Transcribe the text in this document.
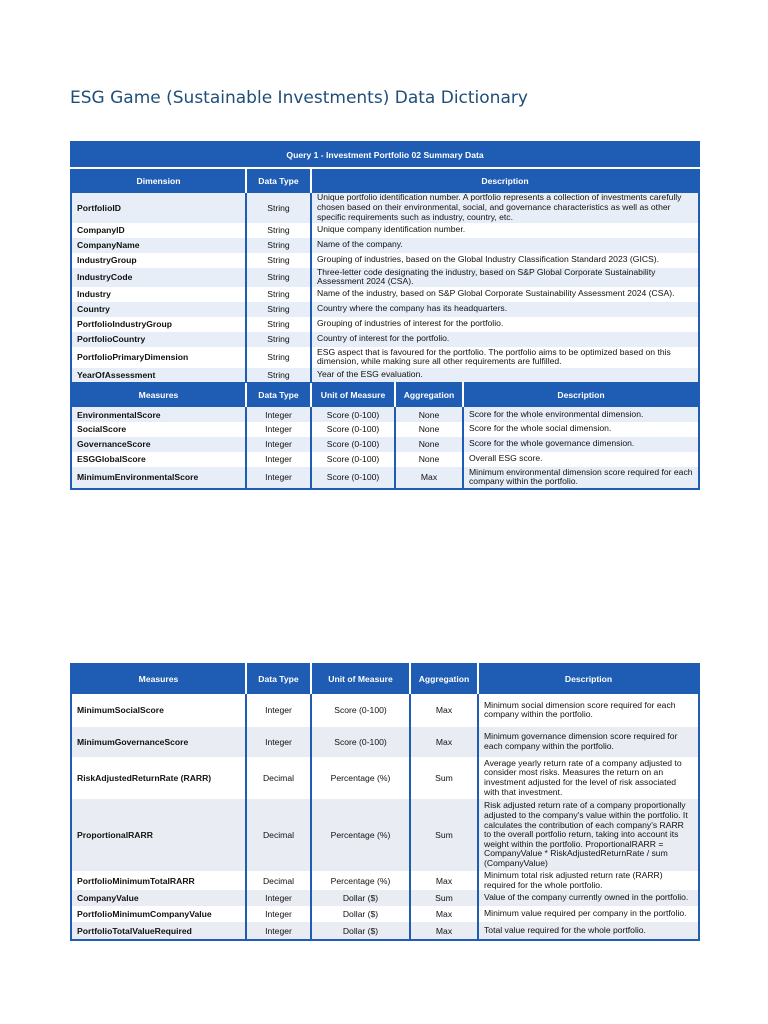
ESG Game (Sustainable Investments) Data Dictionary
Query 1 - Investment Portfolio 02 Summary Data				
Dimension	Data Type	Description		
PortfolioID	String	Unique portfolio identification number. A portfolio represents a collection of investments carefully chosen based on their environmental, social, and governance characteristics as well as other specific requirements such as industry, country, etc.		
CompanyID	String	Unique company identification number.		
CompanyName	String	Name of the company.		
IndustryGroup	String	Grouping of industries, based on the Global Industry Classification Standard 2023 (GICS).		
IndustryCode	String	Three-letter code designating the industry, based on S&P Global Corporate Sustainability Assessment 2024 (CSA).		
Industry	String	Name of the industry, based on S&P Global Corporate Sustainability Assessment 2024 (CSA).		
Country	String	Country where the company has its headquarters.		
PortfolioIndustryGroup	String	Grouping of industries of interest for the portfolio.		
PortfolioCountry	String	Country of interest for the portfolio.		
PortfolioPrimaryDimension	String	ESG aspect that is favoured for the portfolio. The portfolio aims to be optimized based on this dimension, while making sure all other requirements are fulfilled.		
YearOfAssessment	String	Year of the ESG evaluation.		
Measures	Data Type	Unit of Measure	Aggregation	Description
EnvironmentalScore	Integer	Score (0-100)	None	Score for the whole environmental dimension.
SocialScore	Integer	Score (0-100)	None	Score for the whole social dimension.
GovernanceScore	Integer	Score (0-100)	None	Score for the whole governance dimension.
ESGGlobalScore	Integer	Score (0-100)	None	Overall ESG score.
MinimumEnvironmentalScore	Integer	Score (0-100)	Max	Minimum environmental dimension score required for each company within the portfolio.
Measures	Data Type	Unit of Measure	Aggregation	Description
MinimumSocialScore	Integer	Score (0-100)	Max	Minimum social dimension score required for each company within the portfolio.
MinimumGovernanceScore	Integer	Score (0-100)	Max	Minimum governance dimension score required for each company within the portfolio.
RiskAdjustedReturnRate (RARR)	Decimal	Percentage (%)	Sum	Average yearly return rate of a company adjusted to consider most risks. Measures the return on an investment adjusted for the level of risk associated with that investment.
ProportionalRARR	Decimal	Percentage (%)	Sum	Risk adjusted return rate of a company proportionally adjusted to the company's value within the portfolio. It calculates the contribution of each company's RARR to the overall portfolio return, taking into account its weight within the portfolio. ProportionalRARR = CompanyValue * RiskAdjustedReturnRate / sum (CompanyValue)
PortfolioMinimumTotalRARR	Decimal	Percentage (%)	Max	Minimum total risk adjusted return rate (RARR) required for the whole portfolio.
CompanyValue	Integer	Dollar ($)	Sum	Value of the company currently owned in the portfolio.
PortfolioMinimumCompanyValue	Integer	Dollar ($)	Max	Minimum value required per company in the portfolio.
PortfolioTotalValueRequired	Integer	Dollar ($)	Max	Total value required for the whole portfolio.
